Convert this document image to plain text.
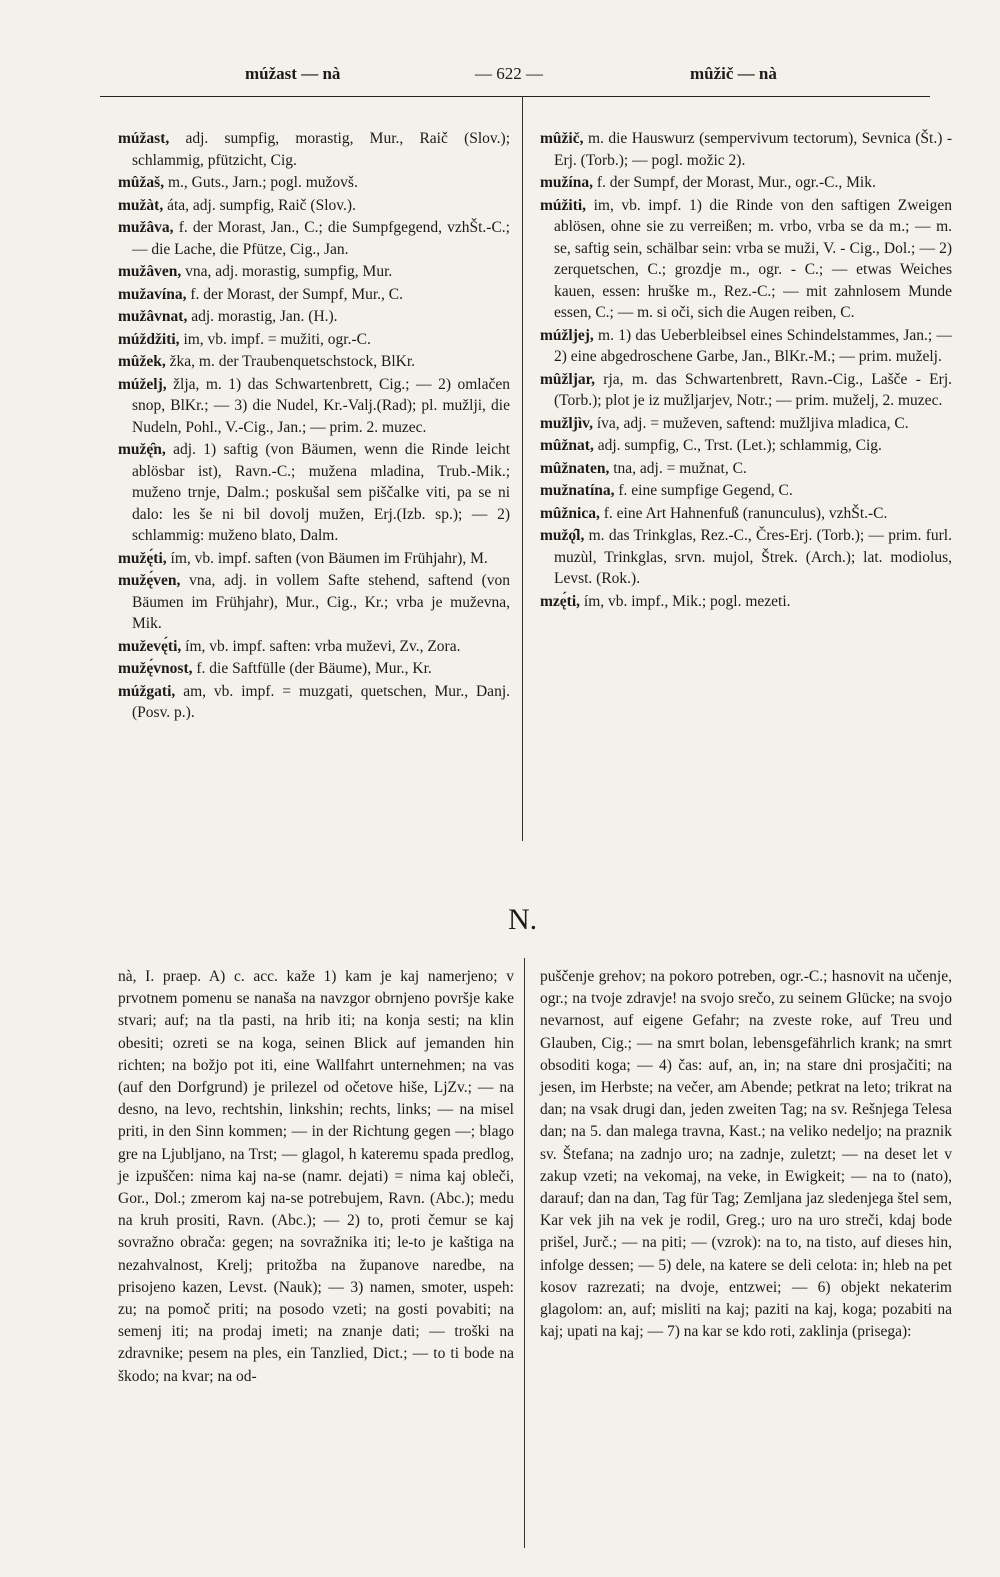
múžast — nà	— 622 —	mûžič — nà

múžast, adj. sumpfig, morastig, Mur., Raič (Slov.); schlammig, pfützicht, Cig.

mûžaš, m., Guts., Jarn.; pogl. mužovš.

mužàt, áta, adj. sumpfig, Raič (Slov.).

mužâva, f. der Morast, Jan., C.; die Sumpfgegend, vzhŠt.-C.; — die Lache, die Pfütze, Cig., Jan.

mužâven, vna, adj. morastig, sumpfig, Mur.

mužavína, f. der Morast, der Sumpf, Mur., C.

mužâvnat, adj. morastig, Jan. (H.).

múždžiti, im, vb. impf. = mužiti, ogr.-C.

mûžek, žka, m. der Traubenquetschstock, BlKr.

múželj, žlja, m. 1) das Schwartenbrett, Cig.; — 2) omlačen snop, BlKr.; — 3) die Nudel, Kr.-Valj.(Rad); pl. mužlji, die Nudeln, Pohl., V.-Cig., Jan.; — prim. 2. muzec.

mužę̑n, adj. 1) saftig (von Bäumen, wenn die Rinde leicht ablösbar ist), Ravn.-C.; mužena mladina, Trub.-Mik.; muženo trnje, Dalm.; poskušal sem piščalke viti, pa se ni dalo: les še ni bil dovolj mužen, Erj.(Izb. sp.); — 2) schlammig: muženo blato, Dalm.

mužę́ti, ím, vb. impf. saften (von Bäumen im Frühjahr), M.

mužę́ven, vna, adj. in vollem Safte stehend, saftend (von Bäumen im Frühjahr), Mur., Cig., Kr.; vrba je muževna, Mik.

muževę́ti, ím, vb. impf. saften: vrba muževi, Zv., Zora.

mužę́vnost, f. die Saftfülle (der Bäume), Mur., Kr.

múžgati, am, vb. impf. = muzgati, quetschen, Mur., Danj. (Posv. p.).

mûžič, m. die Hauswurz (sempervivum tectorum), Sevnica (Št.) - Erj. (Torb.); — pogl. možic 2).

mužína, f. der Sumpf, der Morast, Mur., ogr.-C., Mik.

múžiti, im, vb. impf. 1) die Rinde von den saftigen Zweigen ablösen, ohne sie zu verreißen; m. vrbo, vrba se da m.; — m. se, saftig sein, schälbar sein: vrba se muži, V. - Cig., Dol.; — 2) zerquetschen, C.; grozdje m., ogr. - C.; — etwas Weiches kauen, essen: hruške m., Rez.-C.; — mit zahnlosem Munde essen, C.; — m. si oči, sich die Augen reiben, C.

múžljej, m. 1) das Ueberbleibsel eines Schindelstammes, Jan.; — 2) eine abgedroschene Garbe, Jan., BlKr.-M.; — prim. muželj.

mûžljar, rja, m. das Schwartenbrett, Ravn.-Cig., Lašče - Erj. (Torb.); plot je iz mužljarjev, Notr.; — prim. muželj, 2. muzec.

mužljìv, íva, adj. = muževen, saftend: mužljiva mladica, C.

mûžnat, adj. sumpfig, C., Trst. (Let.); schlammig, Cig.

mûžnaten, tna, adj. = mužnat, C.

mužnatína, f. eine sumpfige Gegend, C.

mûžnica, f. eine Art Hahnenfuß (ranunculus), vzhŠt.-C.

mužǫ̑l, m. das Trinkglas, Rez.-C., Čres-Erj. (Torb.); — prim. furl. muzùl, Trinkglas, srvn. mujol, Štrek. (Arch.); lat. modiolus, Levst. (Rok.).

mzę́ti, ím, vb. impf., Mik.; pogl. mezeti.

N.

nà, I. praep. A) c. acc. kaže 1) kam je kaj namerjeno; v prvotnem pomenu se nanaša na navzgor obrnjeno površje kake stvari; auf; na tla pasti, na hrib iti; na konja sesti; na klin obesiti; ozreti se na koga, seinen Blick auf jemanden hin richten; na božjo pot iti, eine Wallfahrt unternehmen; na vas (auf den Dorfgrund) je prilezel od očetove hiše, LjZv.; — na desno, na levo, rechtshin, linkshin; rechts, links; — na misel priti, in den Sinn kommen; — in der Richtung gegen —; blago gre na Ljubljano, na Trst; — glagol, h kateremu spada predlog, je izpuščen: nima kaj na-se (namr. dejati) = nima kaj obleči, Gor., Dol.; zmerom kaj na-se potrebujem, Ravn. (Abc.); medu na kruh prositi, Ravn. (Abc.); — 2) to, proti čemur se kaj sovražno obrača: gegen; na sovražnika iti; le-to je kaštiga na nezahvalnost, Krelj; pritožba na županove naredbe, na prisojeno kazen, Levst. (Nauk); — 3) namen, smoter, uspeh: zu; na pomoč priti; na posodo vzeti; na gosti povabiti; na semenj iti; na prodaj imeti; na znanje dati; — troški na zdravnike; pesem na ples, ein Tanzlied, Dict.; — to ti bode na škodo; na kvar; na od-

puščenje grehov; na pokoro potreben, ogr.-C.; hasnovit na učenje, ogr.; na tvoje zdravje! na svojo srečo, zu seinem Glücke; na svojo nevarnost, auf eigene Gefahr; na zveste roke, auf Treu und Glauben, Cig.; — na smrt bolan, lebensgefährlich krank; na smrt obsoditi koga; — 4) čas: auf, an, in; na stare dni prosjačiti; na jesen, im Herbste; na večer, am Abende; petkrat na leto; trikrat na dan; na vsak drugi dan, jeden zweiten Tag; na sv. Rešnjega Telesa dan; na 5. dan malega travna, Kast.; na veliko nedeljo; na praznik sv. Štefana; na zadnjo uro; na zadnje, zuletzt; — na deset let v zakup vzeti; na vekomaj, na veke, in Ewigkeit; — na to (nato), darauf; dan na dan, Tag für Tag; Zemljana jaz sledenjega štel sem, Kar vek jih na vek je rodil, Greg.; uro na uro streči, kdaj bode prišel, Jurč.; — na piti; — (vzrok): na to, na tisto, auf dieses hin, infolge dessen; — 5) dele, na katere se deli celota: in; hleb na pet kosov razrezati; na dvoje, entzwei; — 6) objekt nekaterim glagolom: an, auf; misliti na kaj; paziti na kaj, koga; pozabiti na kaj; upati na kaj; — 7) na kar se kdo roti, zaklinja (prisega):
